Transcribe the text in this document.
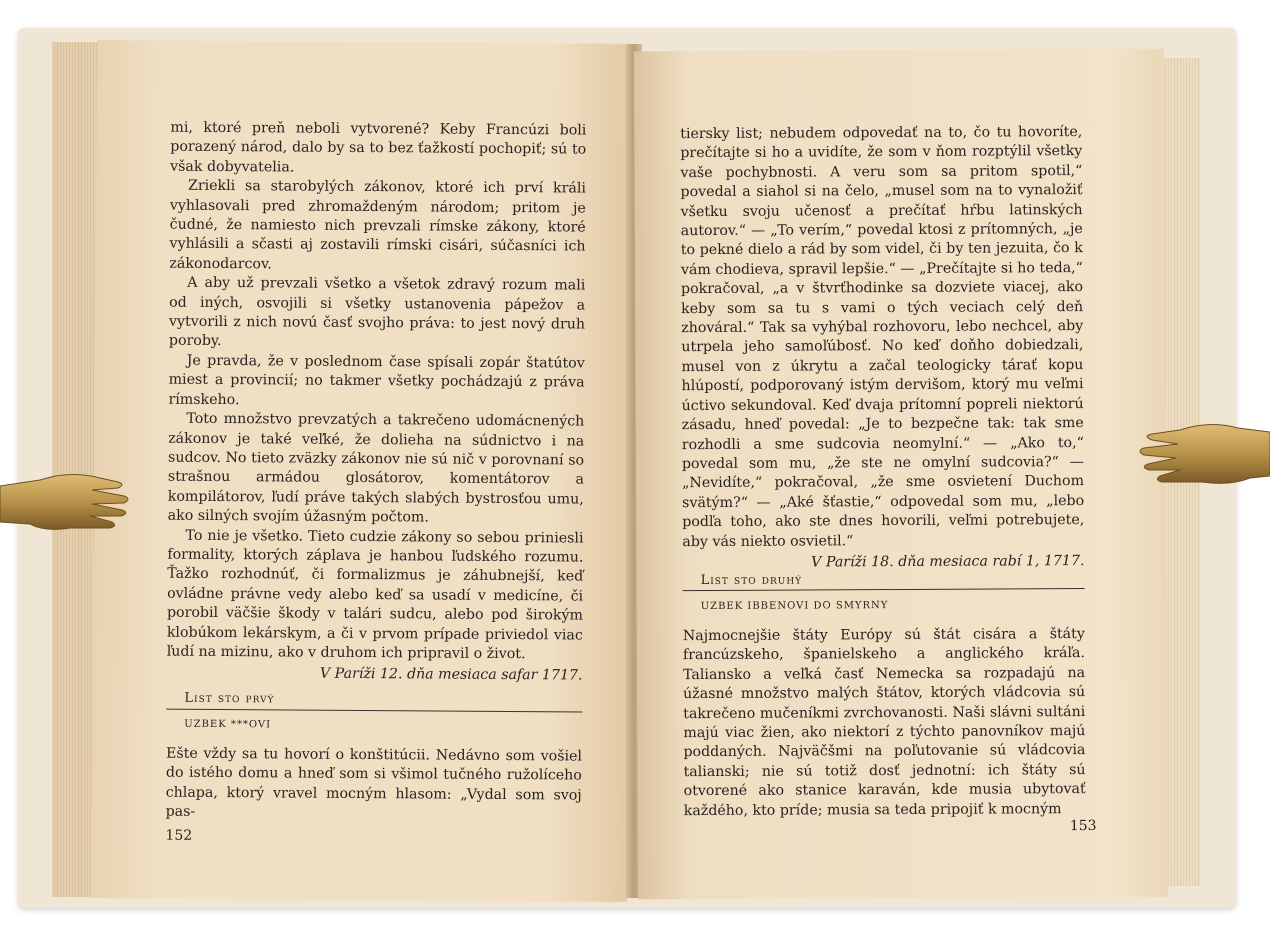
mi, ktoré preň neboli vytvorené? Keby Francúzi boli porazený národ, dalo by sa to bez ťažkostí pochopiť; sú to však dobyvatelia.

Zriekli sa starobylých zákonov, ktoré ich prví králi vyhlasovali pred zhromaždeným národom; pritom je čudné, že namiesto nich prevzali rímske zákony, ktoré vyhlásili a sčasti aj zostavili rímski cisári, súčasníci ich zákonodarcov.

A aby už prevzali všetko a všetok zdravý rozum mali od iných, osvojili si všetky ustanovenia pápežov a vytvorili z nich novú časť svojho práva: to jest nový druh poroby.

Je pravda, že v poslednom čase spísali zopár štatútov miest a provincií; no takmer všetky pochádzajú z práva rímskeho.

Toto množstvo prevzatých a takrečeno udomácnených zákonov je také veľké, že dolieha na súdnictvo i na sudcov. No tieto zväzky zákonov nie sú nič v porovnaní so strašnou armádou glosátorov, komentátorov a kompilátorov, ľudí práve takých slabých bystrosťou umu, ako silných svojím úžasným počtom.

To nie je všetko. Tieto cudzie zákony so sebou priniesli formality, ktorých záplava je hanbou ľudského rozumu. Ťažko rozhodnúť, či formalizmus je záhubnejší, keď ovládne právne vedy alebo keď sa usadí v medicíne, či porobil väčšie škody v talári sudcu, alebo pod širokým klobúkom lekárskym, a či v prvom prípade priviedol viac ľudí na mizinu, ako v druhom ich pripravil o život.

V Paríži 12. dňa mesiaca safar 1717.

List sto prvý
UZBEK ***OVI

Ešte vždy sa tu hovorí o konštitúcii. Nedávno som vošiel do istého domu a hneď som si všimol tučného ružolíceho chlapa, ktorý vravel mocným hlasom: „Vydal som svoj pas-

152

tiersky list; nebudem odpovedať na to, čo tu hovoríte, prečítajte si ho a uvidíte, že som v ňom rozptýlil všetky vaše pochybnosti. A veru som sa pritom spotil,“ povedal a siahol si na čelo, „musel som na to vynaložiť všetku svoju učenosť a prečítať hŕbu latinských autorov.“ — „To verím,“ povedal ktosi z prítomných, „je to pekné dielo a rád by som videl, či by ten jezuita, čo k vám chodieva, spravil lepšie.“ — „Prečítajte si ho teda,“ pokračoval, „a v štvrťhodinke sa dozviete viacej, ako keby som sa tu s vami o tých veciach celý deň zhováral.“ Tak sa vyhýbal rozhovoru, lebo nechcel, aby utrpela jeho samoľúbosť. No keď doňho dobiedzali, musel von z úkrytu a začal teologicky tárať kopu hlúpostí, podporovaný istým dervišom, ktorý mu veľmi úctivo sekundoval. Keď dvaja prítomní popreli niektorú zásadu, hneď povedal: „Je to bezpečne tak: tak sme rozhodli a sme sudcovia neomylní.“ — „Ako to,“ povedal som mu, „že ste ne omylní sudcovia?“ — „Nevidíte,“ pokračoval, „že sme osvietení Duchom svätým?“ — „Aké šťastie,“ odpovedal som mu, „lebo podľa toho, ako ste dnes hovorili, veľmi potrebujete, aby vás niekto osvietil.“

V Paríži 18. dňa mesiaca rabí 1, 1717.

List sto druhý
UZBEK IBBENOVI DO SMYRNY

Najmocnejšie štáty Európy sú štát cisára a štáty francúzskeho, španielskeho a anglického kráľa. Taliansko a veľká časť Nemecka sa rozpadajú na úžasné množstvo malých štátov, ktorých vládcovia sú takrečeno mučeníkmi zvrchovanosti. Naši slávni sultáni majú viac žien, ako niektorí z týchto panovníkov majú poddaných. Najväčšmi na poľutovanie sú vládcovia talianski; nie sú totiž dosť jednotní: ich štáty sú otvorené ako stanice karaván, kde musia ubytovať každého, kto príde; musia sa teda pripojiť k mocným

153
